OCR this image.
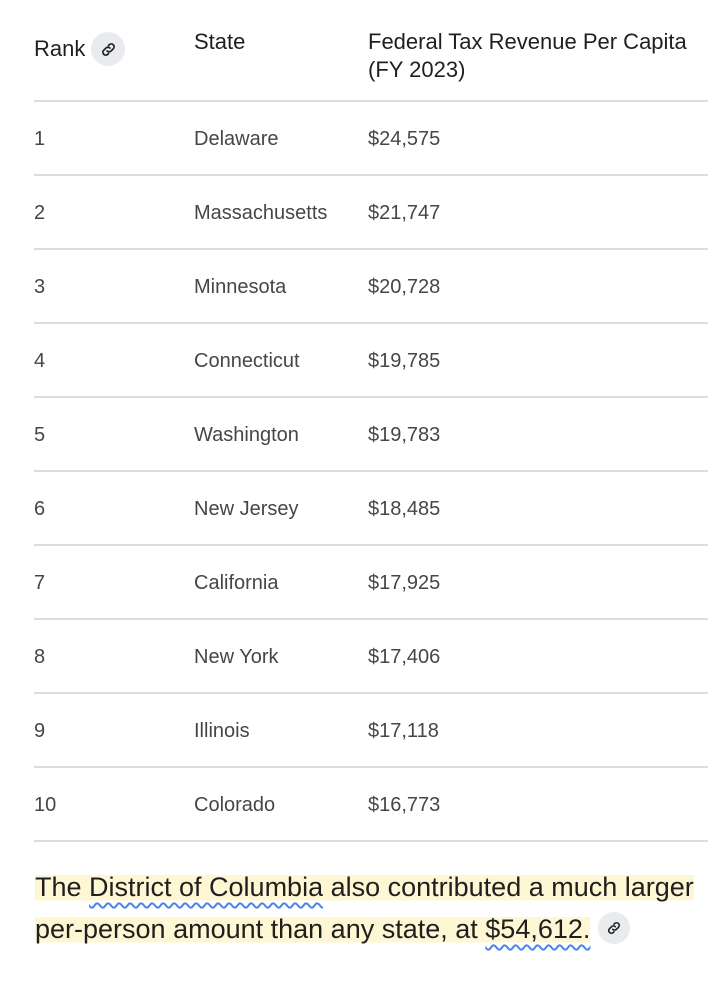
Rank	State	Federal Tax Revenue Per Capita (FY 2023)
1	Delaware	$24,575
2	Massachusetts $21,747
3	Minnesota	$20,728
4	Connecticut	$19,785
5	Washington	$19,783
6	New Jersey	$18,485
7	California	$17,925
8	New York	$17,406
9	Illinois	$17,118
10	Colorado	$16,773
The District of Columbia also contributed a much larger per-person amount than any state, at $54,612.
